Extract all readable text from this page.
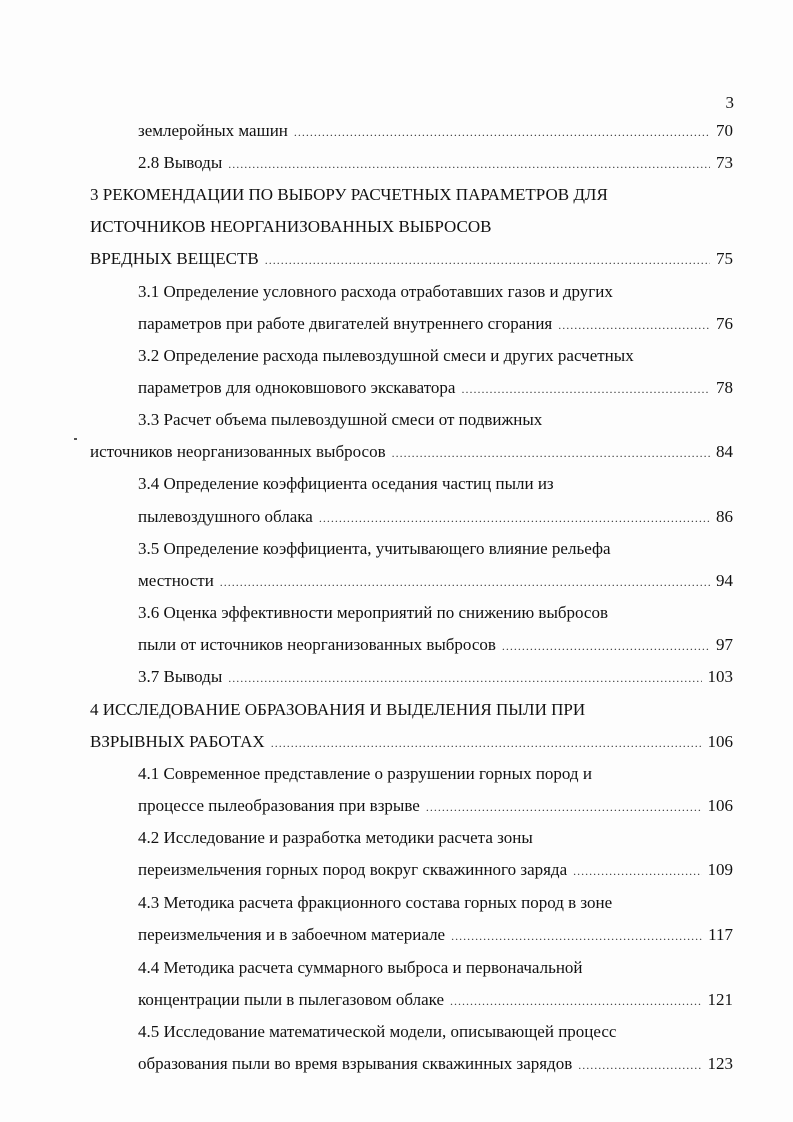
3
землеройных машин .....	70
2.8 Выводы .....	73
3 РЕКОМЕНДАЦИИ ПО ВЫБОРУ РАСЧЕТНЫХ ПАРАМЕТРОВ ДЛЯ
ИСТОЧНИКОВ НЕОРГАНИЗОВАННЫХ ВЫБРОСОВ
ВРЕДНЫХ ВЕЩЕСТВ .....	75
3.1 Определение условного расхода отработавших газов и других
параметров при работе двигателей внутреннего сгорания .....	76
3.2 Определение расхода пылевоздушной смеси и других расчетных
параметров для одноковшового экскаватора .....	78
3.3 Расчет объема пылевоздушной смеси от подвижных
источников неорганизованных выбросов .....	84
3.4 Определение коэффициента оседания частиц пыли из
пылевоздушного облака .....	86
3.5 Определение коэффициента, учитывающего влияние рельефа
местности .....	94
3.6 Оценка эффективности мероприятий по снижению выбросов
пыли от источников неорганизованных выбросов .....	97
3.7 Выводы .....	103
4 ИССЛЕДОВАНИЕ ОБРАЗОВАНИЯ И ВЫДЕЛЕНИЯ ПЫЛИ ПРИ
ВЗРЫВНЫХ РАБОТАХ .....	106
4.1 Современное представление о разрушении горных пород и
процессе пылеобразования при взрыве .....	106
4.2 Исследование и разработка методики расчета зоны
переизмельчения горных пород вокруг скважинного заряда .....	109
4.3 Методика расчета фракционного состава горных пород в зоне
переизмельчения и в забоечном материале .....	117
4.4 Методика расчета суммарного выброса и первоначальной
концентрации пыли в пылегазовом облаке .....	121
4.5 Исследование математической модели, описывающей процесс
образования пыли во время взрывания скважинных зарядов .....	123
